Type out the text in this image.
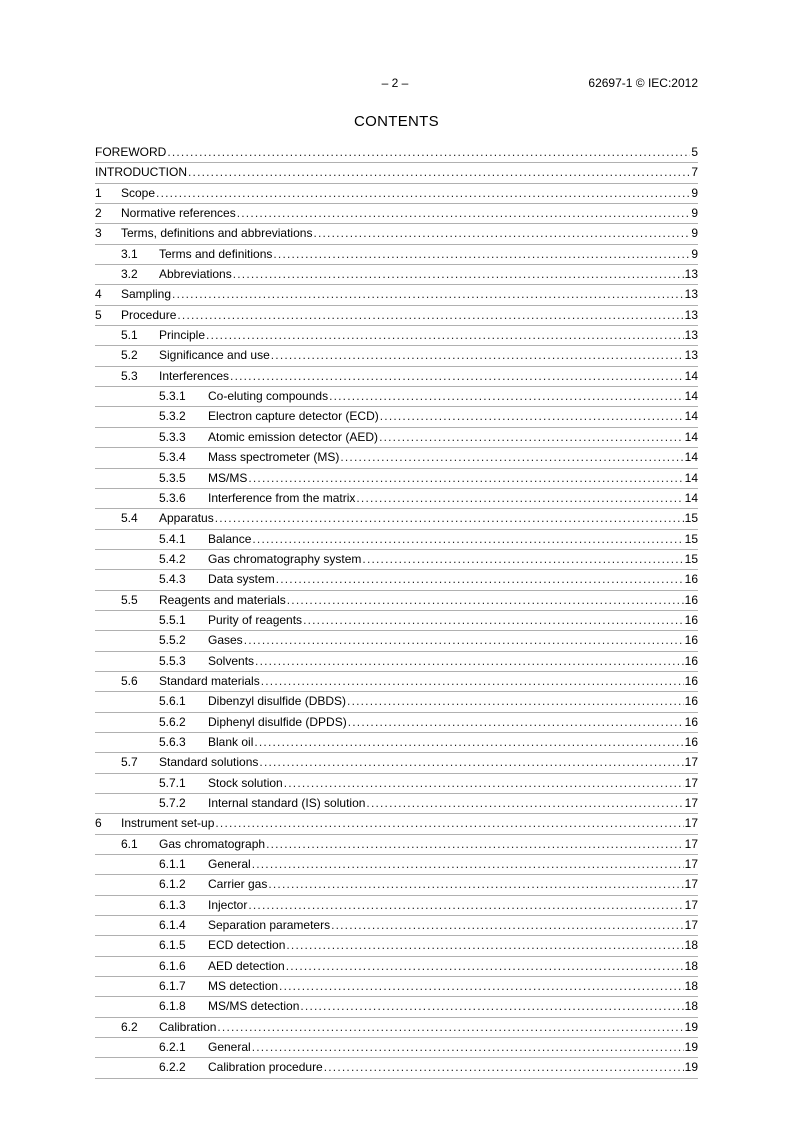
– 2 –	62697-1 © IEC:2012
CONTENTS
FOREWORD .....	5
INTRODUCTION .....	7
1 Scope .....	9
2 Normative references .....	9
3 Terms, definitions and abbreviations .....	9
3.1 Terms and definitions .....	9
3.2 Abbreviations .....	13
4 Sampling .....	13
5 Procedure .....	13
5.1 Principle .....	13
5.2 Significance and use .....	13
5.3 Interferences .....	14
5.3.1 Co-eluting compounds .....	14
5.3.2 Electron capture detector (ECD) .....	14
5.3.3 Atomic emission detector (AED) .....	14
5.3.4 Mass spectrometer (MS) .....	14
5.3.5 MS/MS .....	14
5.3.6 Interference from the matrix .....	14
5.4 Apparatus .....	15
5.4.1 Balance .....	15
5.4.2 Gas chromatography system .....	15
5.4.3 Data system .....	16
5.5 Reagents and materials .....	16
5.5.1 Purity of reagents .....	16
5.5.2 Gases .....	16
5.5.3 Solvents .....	16
5.6 Standard materials .....	16
5.6.1 Dibenzyl disulfide (DBDS) .....	16
5.6.2 Diphenyl disulfide (DPDS) .....	16
5.6.3 Blank oil .....	16
5.7 Standard solutions .....	17
5.7.1 Stock solution .....	17
5.7.2 Internal standard (IS) solution .....	17
6 Instrument set-up .....	17
6.1 Gas chromatograph .....	17
6.1.1 General .....	17
6.1.2 Carrier gas .....	17
6.1.3 Injector .....	17
6.1.4 Separation parameters .....	17
6.1.5 ECD detection .....	18
6.1.6 AED detection .....	18
6.1.7 MS detection .....	18
6.1.8 MS/MS detection .....	18
6.2 Calibration .....	19
6.2.1 General .....	19
6.2.2 Calibration procedure .....	19
